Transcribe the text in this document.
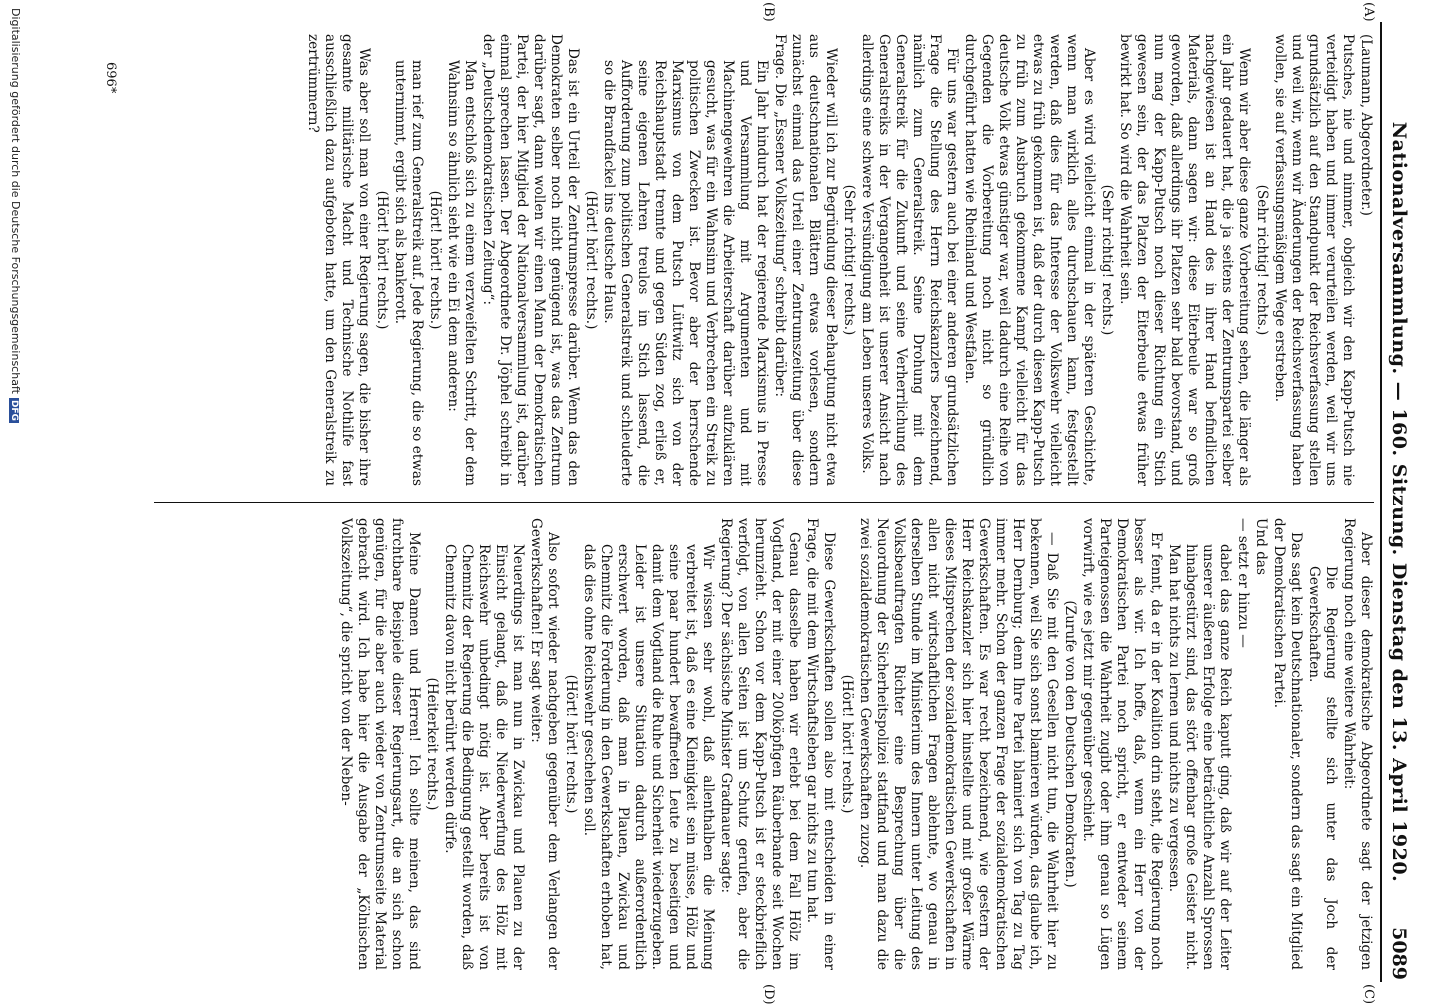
Nationalversammlung. — 160. Sitzung. Dienstag den 13. April 1920.
5089
(A)
(B)
(C)
(D)

(Laumann, Abgeordneter.)

Putsches, nie und nimmer, obgleich wir den Kapp-Putsch nie verteidigt haben und immer verurteilen werden, weil wir uns grundsätzlich auf den Standpunkt der Reichsverfassung stellen und weil wir, wenn wir Änderungen der Reichsverfassung haben wollen, sie auf verfassungsmäßigem Wege erstreben.

(Sehr richtig! rechts.)

Wenn wir aber diese ganze Vorbereitung sehen, die länger als ein Jahr gedauert hat, die ja seitens der Zentrumspartei selber nachgewiesen ist an Hand des in ihrer Hand befindlichen Materials, dann sagen wir: diese Eiterbeule war so groß geworden, daß allerdings ihr Platzen sehr bald bevorstand, und nun mag der Kapp-Putsch noch dieser Richtung ein Stich gewesen sein, der das Platzen der Eiterbeule etwas früher bewirkt hat. So wird die Wahrheit sein.

(Sehr richtig! rechts.)

Aber es wird vielleicht einmal in der späteren Geschichte, wenn man wirklich alles durchschauen kann, festgestellt werden, daß dies für das Interesse der Volkswehr vielleicht etwas zu früh gekommen ist, daß der durch diesen Kapp-Putsch zu früh zum Ausbruch gekommene Kampf vielleicht für das deutsche Volk etwas günstiger war, weil dadurch eine Reihe von Gegenden die Vorbereitung noch nicht so gründlich durchgeführt hatten wie Rheinland und Westfalen.

Für uns war gestern auch bei einer anderen grundsätzlichen Frage die Stellung des Herrn Reichskanzlers bezeichnend, nämlich zum Generalstreik. Seine Drohung mit dem Generalstreik für die Zukunft und seine Verherrlichung des Generalstreiks in der Vergangenheit ist unserer Ansicht nach allerdings eine schwere Versündigung am Leben unseres Volks.

(Sehr richtig! rechts.)

Wieder will ich zur Begründung dieser Behauptung nicht etwa aus deutschnationalen Blättern etwas vorlesen, sondern zunächst einmal das Urteil einer Zentrumszeitung über diese Frage. Die „Essener Volkszeitung“ schreibt darüber:

Ein Jahr hindurch hat der regierende Marxismus in Presse und Versammlung mit Argumenten und mit Machinengewehren die Arbeiterschaft darüber aufzuklären gesucht, was für ein Wahnsinn und Verbrechen ein Streik zu politischen Zwecken ist. Bevor aber der herrschende Marxismus von dem Putsch Lüttwitz sich von der Reichshauptstadt trennte und gegen Süden zog, erließ er, seine eigenen Lehren treulos im Stich lassend, die Aufforderung zum politischen Generalstreik und schleuderte so die Brandfackel ins deutsche Haus.

(Hört! hört! rechts.)

Das ist ein Urteil der Zentrumspresse darüber. Wenn das den Demokraten selber noch nicht genügend ist, was das Zentrum darüber sagt, dann wollen wir einen Mann der Demokratischen Partei, der hier Mitglied der Nationalversammlung ist, darüber einmal sprechen lassen. Der Abgeordnete Dr. Jöphel schreibt in der „Deutschdemokratischen Zeitung“:

Man entschloß sich zu einem verzweifelten Schritt, der dem Wahnsinn so ähnlich sieht wie ein Ei dem anderen:

(Hört! hört! rechts.)

man rief zum Generalstreik auf. Jede Regierung, die so etwas unternimmt, ergibt sich als bankerott.

(Hört! hört! rechts.)

Was aber soll man von einer Regierung sagen, die bisher ihre gesamte militärische Macht und Technische Nothilfe fast ausschließlich dazu aufgeboten hatte, um den Generalstreik zu zertrümmern?

Aber dieser demokratische Abgeordnete sagt der jetzigen Regierung noch eine weitere Wahrheit:

Die Regierung stellte sich unter das Joch der Gewerkschaften.

Das sagt kein Deutschnationaler, sondern das sagt ein Mitglied der Demokratischen Partei.

Und das

— setzt er hinzu —

dabei das ganze Reich kaputt ging, daß wir auf der Leiter unserer äußeren Erfolge eine beträchtliche Anzahl Sprossen hinabgestürzt sind, das stört offenbar große Geister nicht. Man hat nichts zu lernen und nichts zu vergessen.

Er fennt, da er in der Koalition drin steht, die Regierung noch besser als wir. Ich hoffe, daß, wenn ein Herr von der Demokratischen Partei noch spricht, er entweder seinem Parteigenossen die Wahrheit zugibt oder ihm genau so Lügen vorwirft, wie es jetzt mir gegenüber geschieht.

(Zurufe von den Deutschen Demokraten.)

— Daß Sie mit den Gesellen nicht tun, die Wahrheit hier zu bekennen, weil Sie sich sonst blamieren würden, das glaube ich, Herr Dernburg; denn Ihre Partei blamiert sich von Tag zu Tag immer mehr. Schon der ganzen Frage der sozialdemokratischen Gewerkschaften. Es war recht bezeichnend, wie gestern der Herr Reichskanzler sich hier hinstellte und mit großer Wärme dieses Mitsprechen der sozialdemokratischen Gewerkschaften in allen nicht wirtschaftlichen Fragen ablehnte, wo genau in derselben Stunde im Ministerium des Innern unter Leitung des Volksbeauftragten Richter eine Besprechung über die Neuordnung der Sicherheitspolizei stattfand und man dazu die zwei sozialdemokratischen Gewerkschaften zuzog.

(Hört! hört! rechts.)

Diese Gewerkschaften sollen also mit entscheiden in einer Frage, die mit dem Wirtschaftsleben gar nichts zu tun hat.

Genau dasselbe haben wir erlebt bei dem Fall Hölz im Vogtland, der mit einer 200köpfigen Räuberbande seit Wochen herumzieht. Schon vor dem Kapp-Putsch ist er steckbrieflich verfolgt, von allen Seiten ist um Schutz gerufen, aber die Regierung? Der sächsische Minister Gradnauer sagte:

Wir wissen sehr wohl, daß allenthalben die Meinung verbreitet ist, daß es eine Kleinigkeit sein müsse, Hölz und seine paar hundert bewaffneten Leute zu beseitigen und damit dem Vogtland die Ruhe und Sicherheit wiederzugeben. Leider ist unsere Situation dadurch außerordentlich erschwert worden, daß man in Plauen, Zwickau und Chemnitz die Forderung in den Gewerkschaften erhoben hat, daß dies ohne Reichswehr geschehen soll.

(Hört! hört! rechts.)

Also sofort wieder nachgeben gegenüber dem Verlangen der Gewerkschaften! Er sagt weiter:

Neuerdings ist man nun in Zwickau und Plauen zu der Einsicht gelangt, daß die Niederwerfung des Hölz mit Reichswehr unbedingt nötig ist. Aber bereits ist von Chemnitz der Regierung die Bedingung gestellt worden, daß Chemnitz davon nicht berührt werden dürfe.

(Heiterkeit rechts.)

Meine Damen und Herren! Ich sollte meinen, das sind furchtbare Beispiele dieser Regierungsart, die an sich schon genügen, für die aber auch wieder von Zentrumsseite Material gebracht wird. Ich habe hier die Ausgabe der „Kölnischen Volkszeitung“, die spricht von der Neben-

696*
Digitalisierung gefördert durch die Deutsche ForschungsgemeinschaftDFG
